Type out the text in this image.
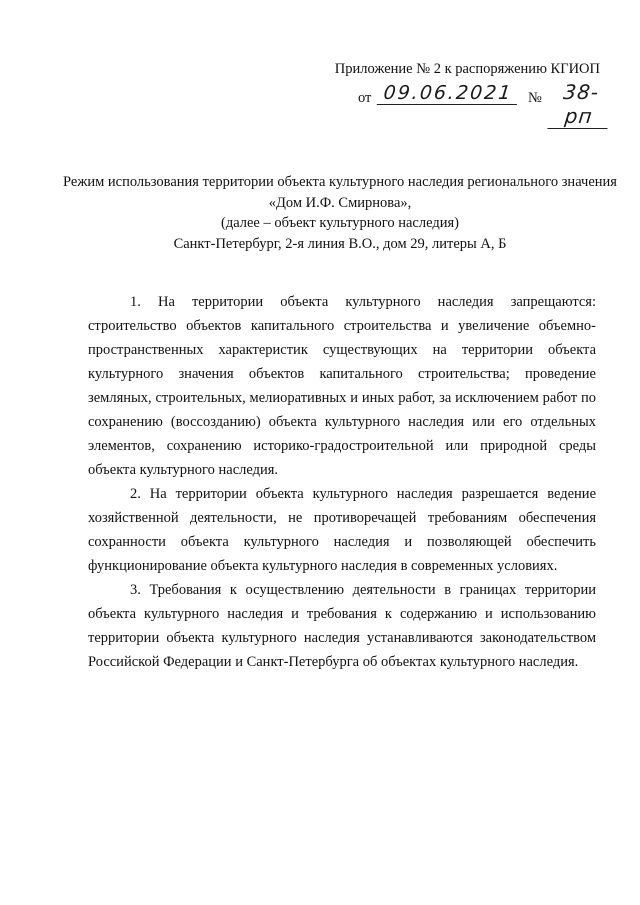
Приложение № 2 к распоряжению КГИОП
от 09.06.2021 №	38-рп
Режим использования территории объекта культурного наследия регионального значения
«Дом И.Ф. Смирнова»,
(далее – объект культурного наследия)
Санкт-Петербург, 2-я линия В.О., дом 29, литеры А, Б

1. На территории объекта культурного наследия запрещаются: строительство объектов капитального строительства и увеличение объемно-пространственных характеристик существующих на территории объекта культурного значения объектов капитального строительства; проведение земляных, строительных, мелиоративных и иных работ, за исключением работ по сохранению (воссозданию) объекта культурного наследия или его отдельных элементов, сохранению историко-градостроительной или природной среды объекта культурного наследия.

2. На территории объекта культурного наследия разрешается ведение хозяйственной деятельности, не противоречащей требованиям обеспечения сохранности объекта культурного наследия и позволяющей обеспечить функционирование объекта культурного наследия в современных условиях.

3. Требования к осуществлению деятельности в границах территории объекта культурного наследия и требования к содержанию и использованию территории объекта культурного наследия устанавливаются законодательством Российской Федерации и Санкт-Петербурга об объектах культурного наследия.
